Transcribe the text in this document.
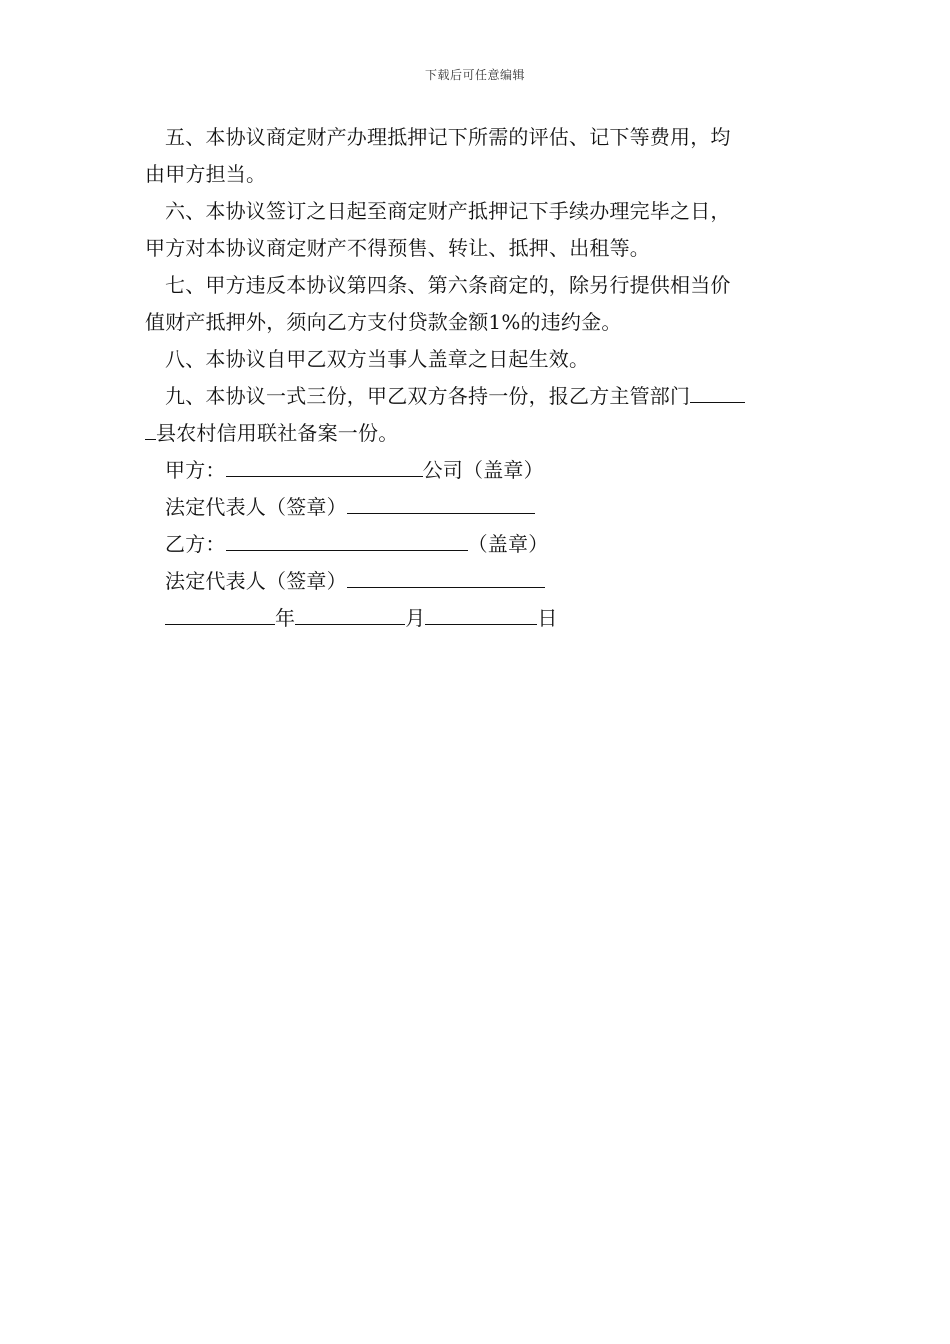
下载后可任意编辑
五、本协议商定财产办理抵押记下所需的评估、记下等费用，均
由甲方担当。
六、本协议签订之日起至商定财产抵押记下手续办理完毕之日，
甲方对本协议商定财产不得预售、转让、抵押、出租等。
七、甲方违反本协议第四条、第六条商定的，除另行提供相当价
值财产抵押外，须向乙方支付贷款金额1%的违约金。
八、本协议自甲乙双方当事人盖章之日起生效。
九、本协议一式三份，甲乙双方各持一份，报乙方主管部门
县农村信用联社备案一份。
甲方：	公司（盖章）
法定代表人（签章）
乙方：	（盖章）
法定代表人（签章）
年	月	日
